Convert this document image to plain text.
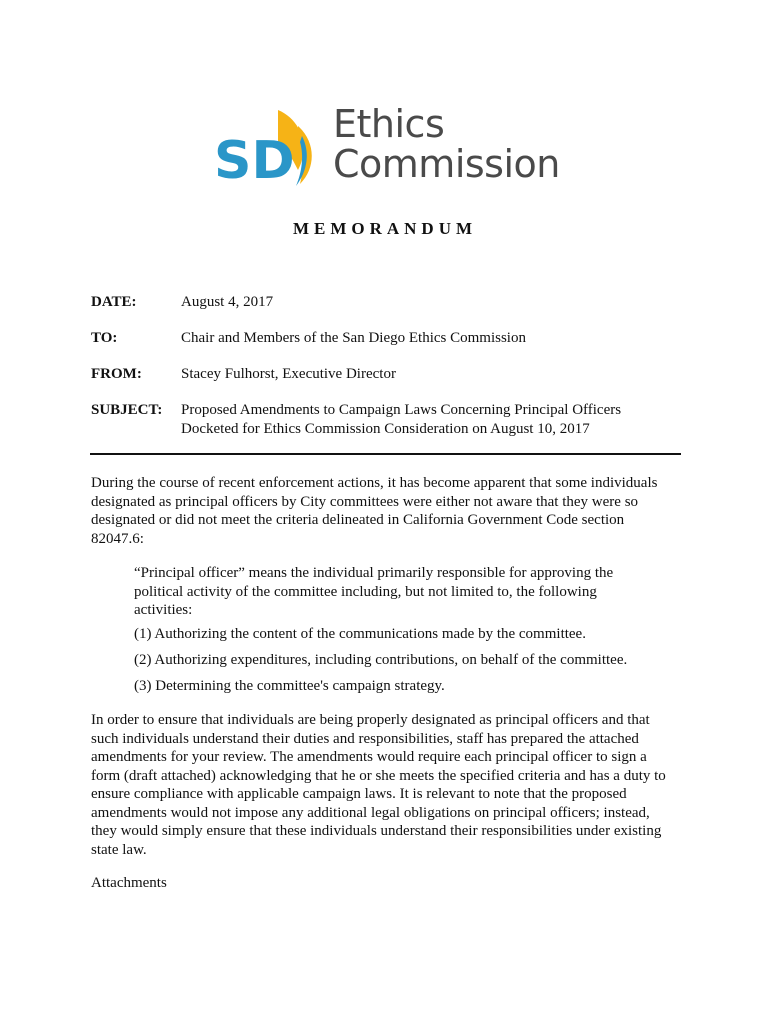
SD
Ethics
Commission
MEMORANDUM
DATE:	August 4, 2017
TO:	Chair and Members of the San Diego Ethics Commission
FROM:	Stacey Fulhorst, Executive Director
SUBJECT: Proposed Amendments to Campaign Laws Concerning Principal Officers
Docketed for Ethics Commission Consideration on August 10, 2017
During the course of recent enforcement actions, it has become apparent that some individuals
designated as principal officers by City committees were either not aware that they were so
designated or did not meet the criteria delineated in California Government Code section
82047.6:
“Principal officer” means the individual primarily responsible for approving the
political activity of the committee including, but not limited to, the following
activities:
(1) Authorizing the content of the communications made by the committee.
(2) Authorizing expenditures, including contributions, on behalf of the committee.
(3) Determining the committee's campaign strategy.
In order to ensure that individuals are being properly designated as principal officers and that
such individuals understand their duties and responsibilities, staff has prepared the attached
amendments for your review. The amendments would require each principal officer to sign a
form (draft attached) acknowledging that he or she meets the specified criteria and has a duty to
ensure compliance with applicable campaign laws. It is relevant to note that the proposed
amendments would not impose any additional legal obligations on principal officers; instead,
they would simply ensure that these individuals understand their responsibilities under existing
state law.
Attachments
